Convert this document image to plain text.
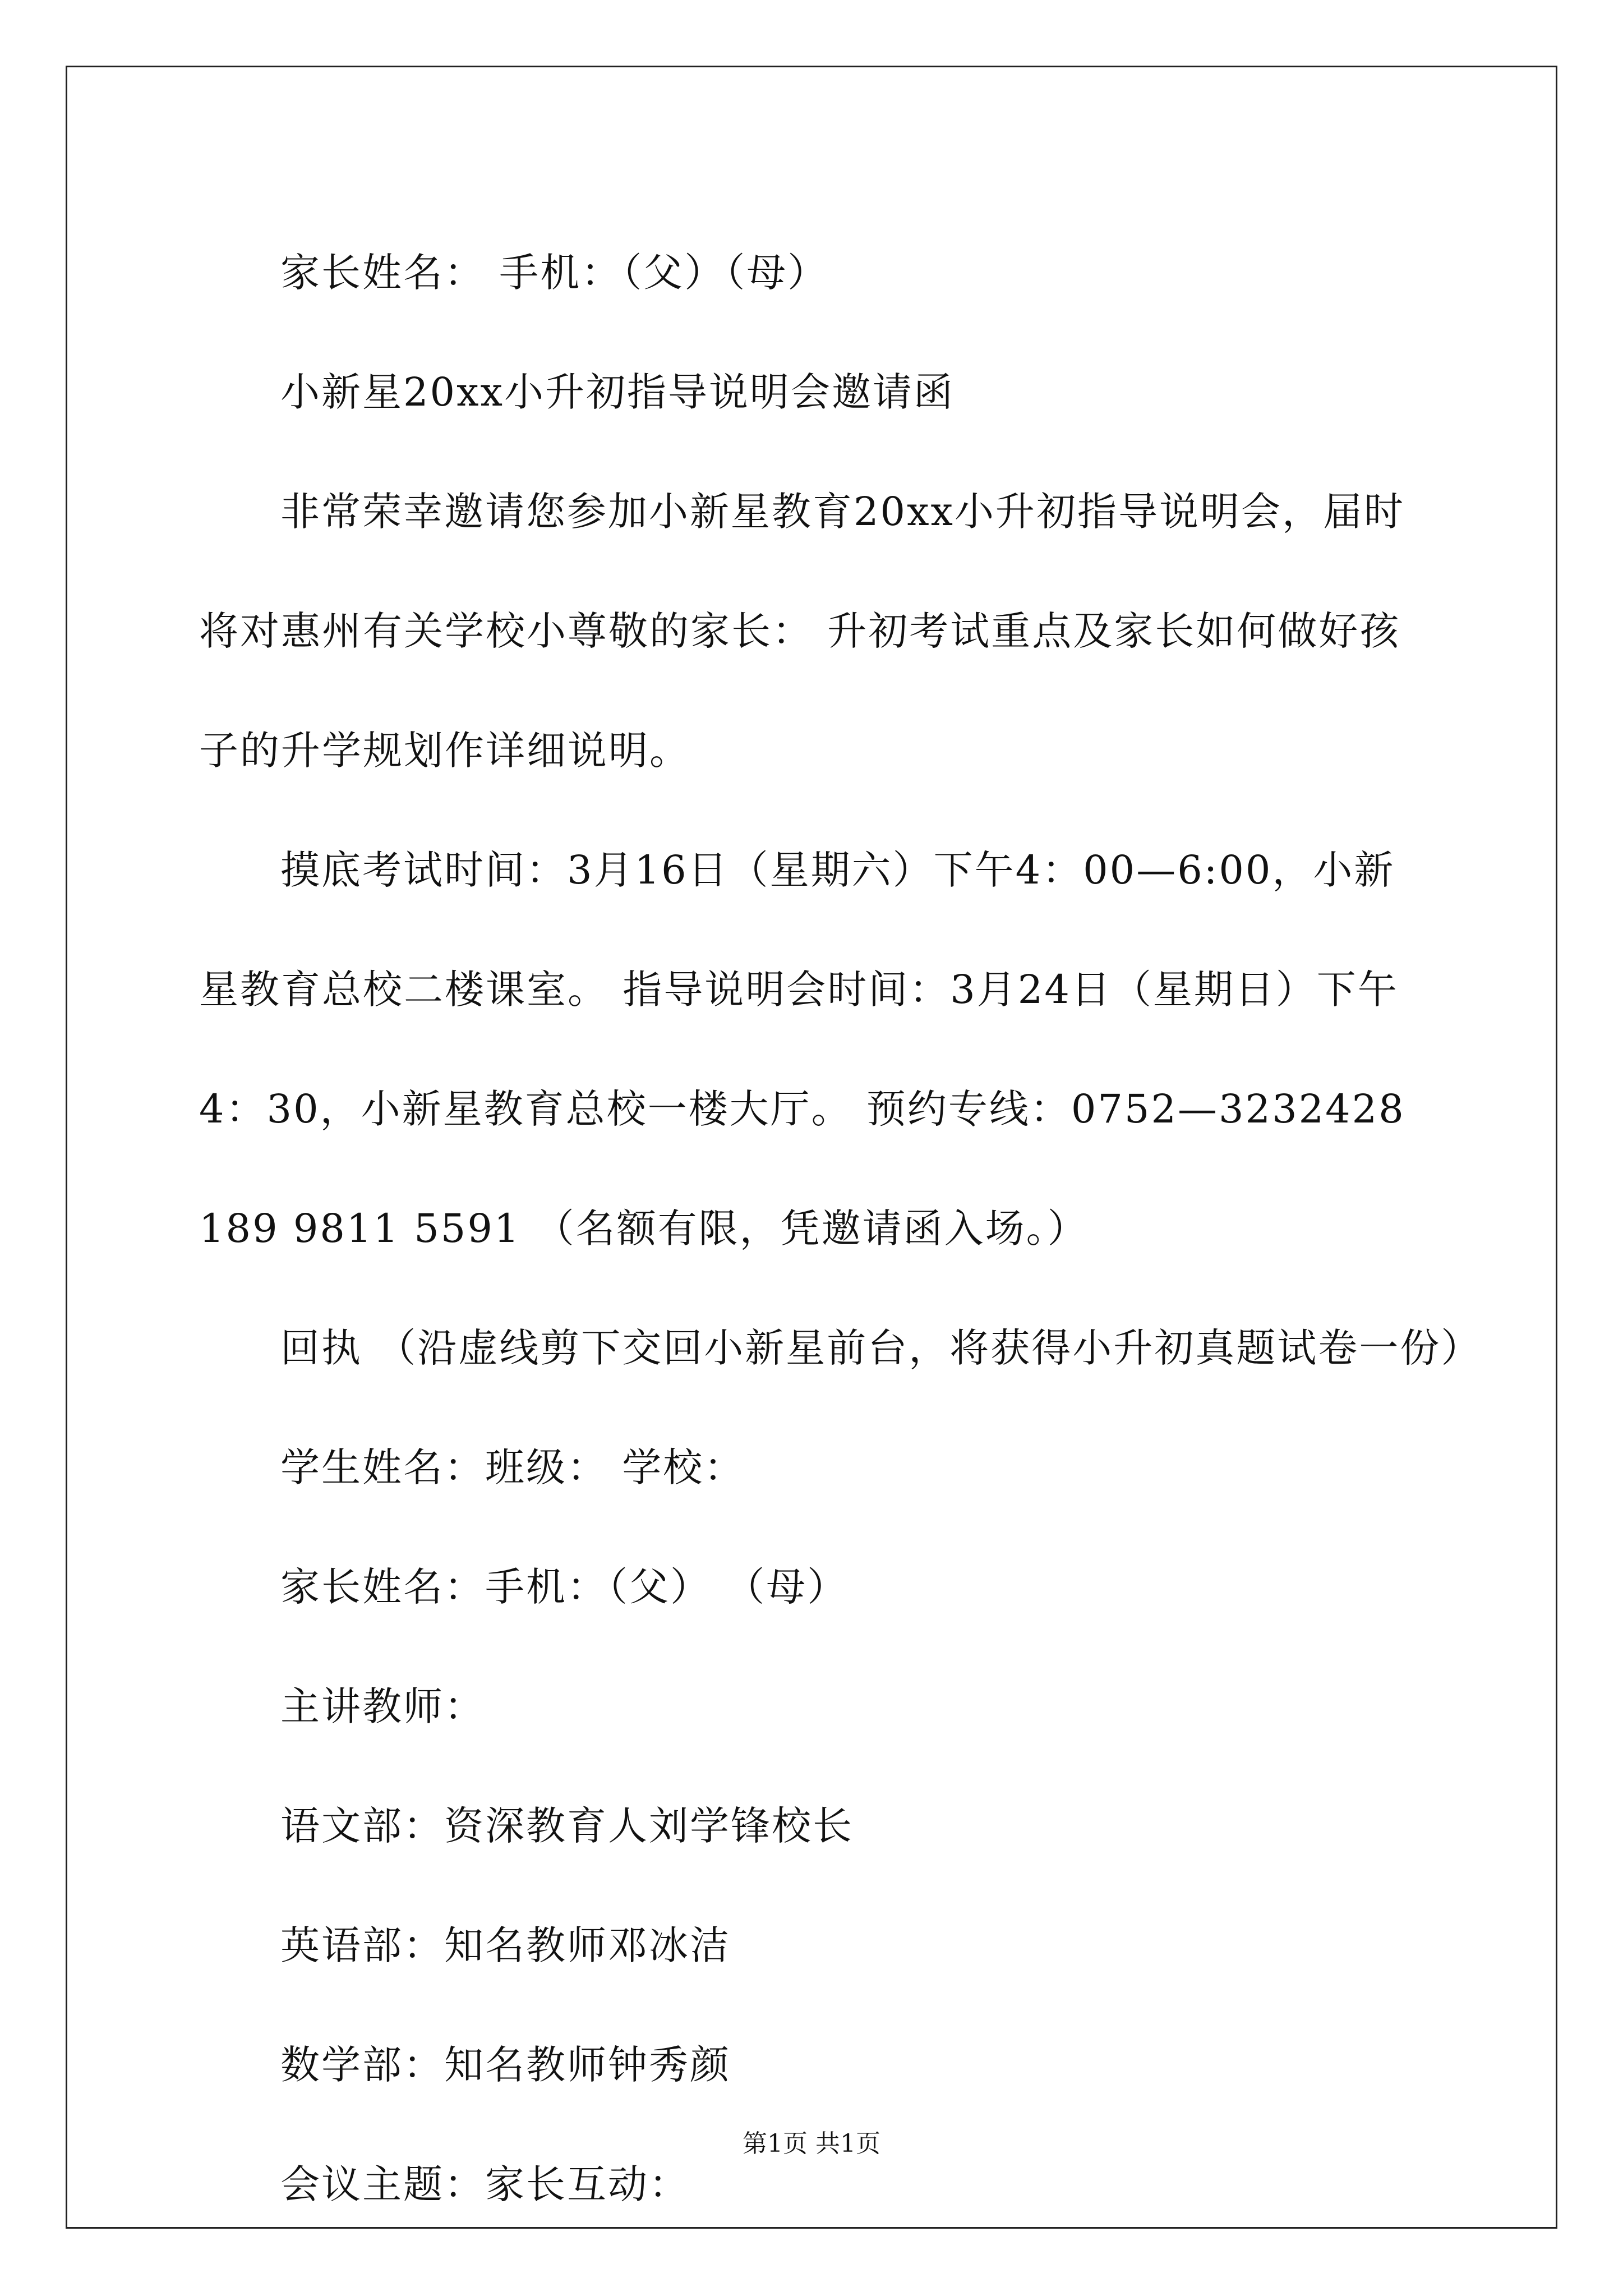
家长姓名： 手机：（父）（母）

小新星20xx小升初指导说明会邀请函

非常荣幸邀请您参加小新星教育20xx小升初指导说明会，届时将对惠州有关学校小尊敬的家长： 升初考试重点及家长如何做好孩子的升学规划作详细说明。

摸底考试时间：3月16日（星期六）下午4：00—6:00，小新星教育总校二楼课室。 指导说明会时间：3月24日（星期日）下午4：30，小新星教育总校一楼大厅。 预约专线：0752—3232428189 9811 5591 （名额有限，凭邀请函入场。）

回执 （沿虚线剪下交回小新星前台，将获得小升初真题试卷一份）

学生姓名：班级： 学校：

家长姓名：手机：（父） （母）

主讲教师：

语文部：资深教育人刘学锋校长

英语部：知名教师邓冰洁

数学部：知名教师钟秀颜

会议主题：家长互动：

第1页 共1页
